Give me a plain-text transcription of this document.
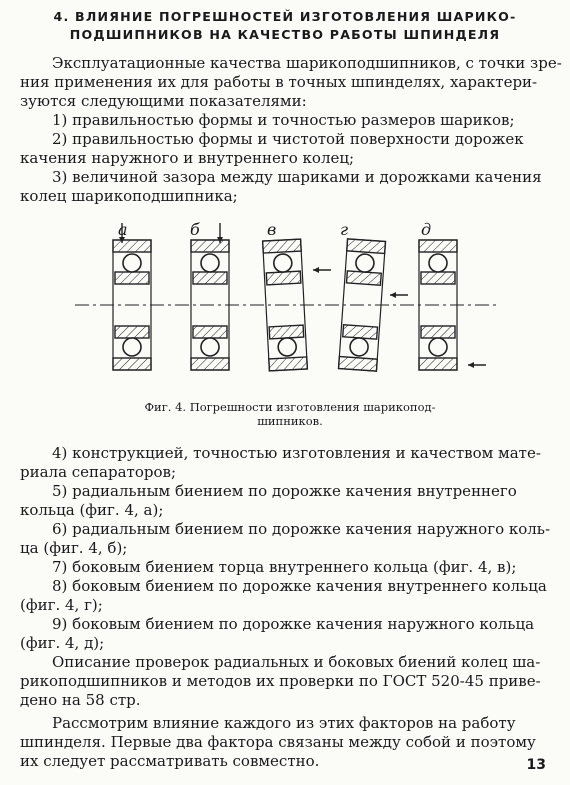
4. ВЛИЯНИЕ ПОГРЕШНОСТЕЙ ИЗГОТОВЛЕНИЯ ШАРИКО-
ПОДШИПНИКОВ НА КАЧЕСТВО РАБОТЫ ШПИНДЕЛЯ
Эксплуатационные качества шарикоподшипников, с точки зре-
ния применения их для работы в точных шпинделях, характери-
зуются следующими показателями:
1) правильностью формы и точностью размеров шариков;
2) правильностью формы и чистотой поверхности дорожек
качения наружного и внутреннего колец;
3) величиной зазора между шариками и дорожками качения
колец шарикоподшипника;
а	б	в	г	д
Фиг. 4. Погрешности изготовления шарикопод-
шипников.
4) конструкцией, точностью изготовления и качеством мате-
риала сепараторов;
5) радиальным биением по дорожке качения внутреннего
кольца (фиг. 4, а);
6) радиальным биением по дорожке качения наружного коль-
ца (фиг. 4, б);
7) боковым биением торца внутреннего кольца (фиг. 4, в);
8) боковым биением по дорожке качения внутреннего кольца
(фиг. 4, г);
9) боковым биением по дорожке качения наружного кольца
(фиг. 4, д);
Описание проверок радиальных и боковых биений колец ша-
рикоподшипников и методов их проверки по ГОСТ 520-45 приве-
дено на 58 стр.
Рассмотрим влияние каждого из этих факторов на работу
шпинделя. Первые два фактора связаны между собой и поэтому
их следует рассматривать совместно.	13
